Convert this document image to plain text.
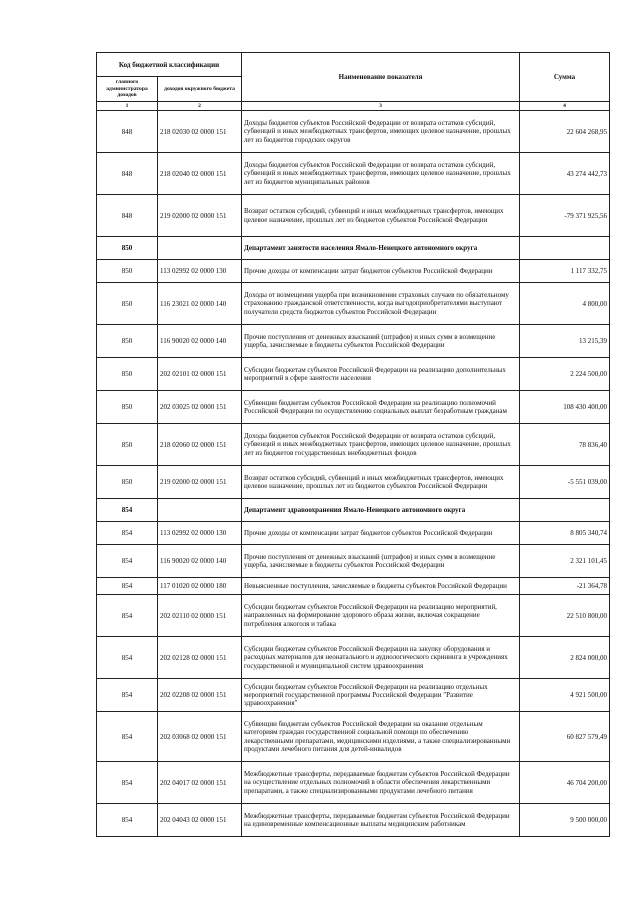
Код бюджетной классификации		Наименование показателя	Сумма
главного администратора доходов	доходов окружного бюджета		
1	2	3	4
848	218 02030 02 0000 151	Доходы бюджетов субъектов Российской Федерации от возврата остатков субсидий, субвенций и иных межбюджетных трансфертов, имеющих целевое назначение, прошлых лет из бюджетов городских округов	22 604 268,95
848	218 02040 02 0000 151	Доходы бюджетов субъектов Российской Федерации от возврата остатков субсидий, субвенций и иных межбюджетных трансфертов, имеющих целевое назначение, прошлых лет из бюджетов муниципальных районов	43 274 442,73
848	219 02000 02 0000 151	Возврат остатков субсидий, субвенций и иных межбюджетных трансфертов, имеющих целевое назначение, прошлых лет из бюджетов субъектов Российской Федерации	-79 371 925,56
850		Департамент занятости населения Ямало-Ненецкого автономного округа	
850	113 02992 02 0000 130	Прочие доходы от компенсации затрат бюджетов субъектов Российской Федерации	1 117 332,75
850	116 23021 02 0000 140	Доходы от возмещения ущерба при возникновении страховых случаев по обязательному страхованию гражданской ответственности, когда выгодоприобретателями выступают получатели средств бюджетов субъектов Российской Федерации	4 800,00
850	116 90020 02 0000 140	Прочие поступления от денежных взысканий (штрафов) и иных сумм в возмещение ущерба, зачисляемые в бюджеты субъектов Российской Федерации	13 215,39
850	202 02101 02 0000 151	Субсидии бюджетам субъектов Российской Федерации на реализацию дополнительных мероприятий в сфере занятости населения	2 224 500,00
850	202 03025 02 0000 151	Субвенции бюджетам субъектов Российской Федерации на реализацию полномочий Российской Федерации по осуществлению социальных выплат безработным гражданам	108 430 400,00
850	218 02060 02 0000 151	Доходы бюджетов субъектов Российской Федерации от возврата остатков субсидий, субвенций и иных межбюджетных трансфертов, имеющих целевое назначение, прошлых лет из бюджетов государственных внебюджетных фондов	78 836,40
850	219 02000 02 0000 151	Возврат остатков субсидий, субвенций и иных межбюджетных трансфертов, имеющих целевое назначение, прошлых лет из бюджетов субъектов Российской Федерации	-5 551 039,00
854		Департамент здравоохранения Ямало-Ненецкого автономного округа	
854	113 02992 02 0000 130	Прочие доходы от компенсации затрат бюджетов субъектов Российской Федерации	8 805 340,74
854	116 90020 02 0000 140	Прочие поступления от денежных взысканий (штрафов) и иных сумм в возмещение ущерба, зачисляемые в бюджеты субъектов Российской Федерации	2 321 101,45
854	117 01020 02 0000 180	Невыясненные поступления, зачисляемые в бюджеты субъектов Российской Федерации	-21 364,78
854	202 02110 02 0000 151	Субсидии бюджетам субъектов Российской Федерации на реализацию мероприятий, направленных на формирование здорового образа жизни, включая сокращение потребления алкоголя и табака	22 510 800,00
854	202 02128 02 0000 151	Субсидии бюджетам субъектов Российской Федерации на закупку оборудования и расходных материалов для неонатального и аудиологического скрининга в учреждениях государственной и муниципальной систем здравоохранения	2 824 000,00
854	202 02208 02 0000 151	Субсидии бюджетам субъектов Российской Федерации на реализацию отдельных мероприятий государственной программы Российской Федерации "Развитие здравоохранения"	4 921 500,00
854	202 03068 02 0000 151	Субвенции бюджетам субъектов Российской Федерации на оказание отдельным категориям граждан государственной социальной помощи по обеспечению лекарственными препаратами, медицинскими изделиями, а также специализированными продуктами лечебного питания для детей-инвалидов	60 827 579,49
854	202 04017 02 0000 151	Межбюджетные трансферты, передаваемые бюджетам субъектов Российской Федерации на осуществление отдельных полномочий в области обеспечения лекарственными препаратами, а также специализированными продуктами лечебного питания	46 704 200,00
854	202 04043 02 0000 151	Межбюджетные трансферты, передаваемые бюджетам субъектов Российской Федерации на единовременные компенсационные выплаты медицинским работникам	9 500 000,00
